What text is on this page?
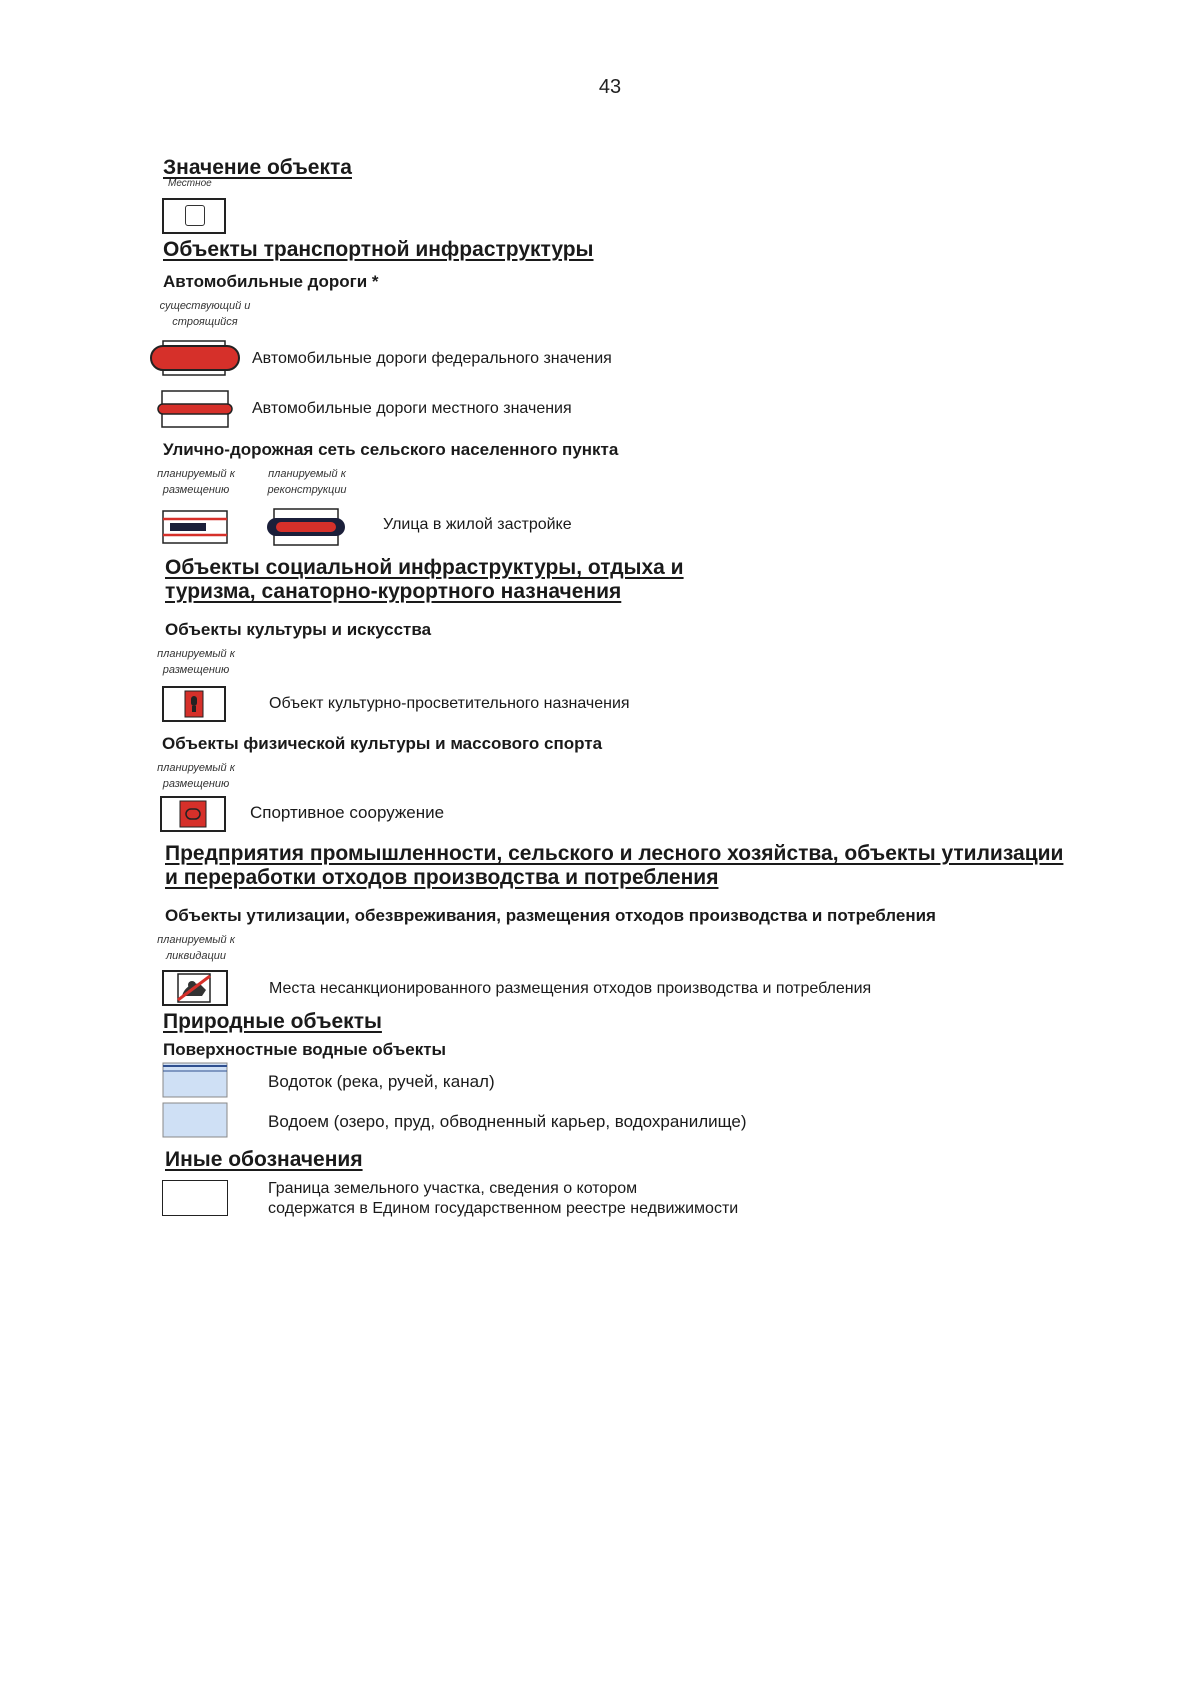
43
Значение объекта
Местное
Объекты транспортной инфраструктуры
Автомобильные дороги *
существующий и строящийся
Автомобильные дороги федерального значения
Автомобильные дороги местного значения
Улично-дорожная сеть сельского населенного пункта
планируемый к размещению
планируемый к реконструкции
Улица в жилой застройке
Объекты социальной инфраструктуры, отдыха и
туризма, санаторно-курортного назначения
Объекты культуры и искусства
планируемый к размещению
Объект культурно-просветительного назначения
Объекты физической культуры и массового спорта
планируемый к размещению
Спортивное сооружение
Предприятия промышленности, сельского и лесного хозяйства, объекты утилизации
и переработки отходов производства и потребления
Объекты утилизации, обезвреживания, размещения отходов производства и потребления
планируемый к ликвидации
Места несанкционированного размещения отходов производства и потребления
Природные объекты
Поверхностные водные объекты
Водоток (река, ручей, канал)
Водоем (озеро, пруд, обводненный карьер, водохранилище)
Иные обозначения
Граница земельного участка, сведения о котором
содержатся в Едином государственном реестре недвижимости
